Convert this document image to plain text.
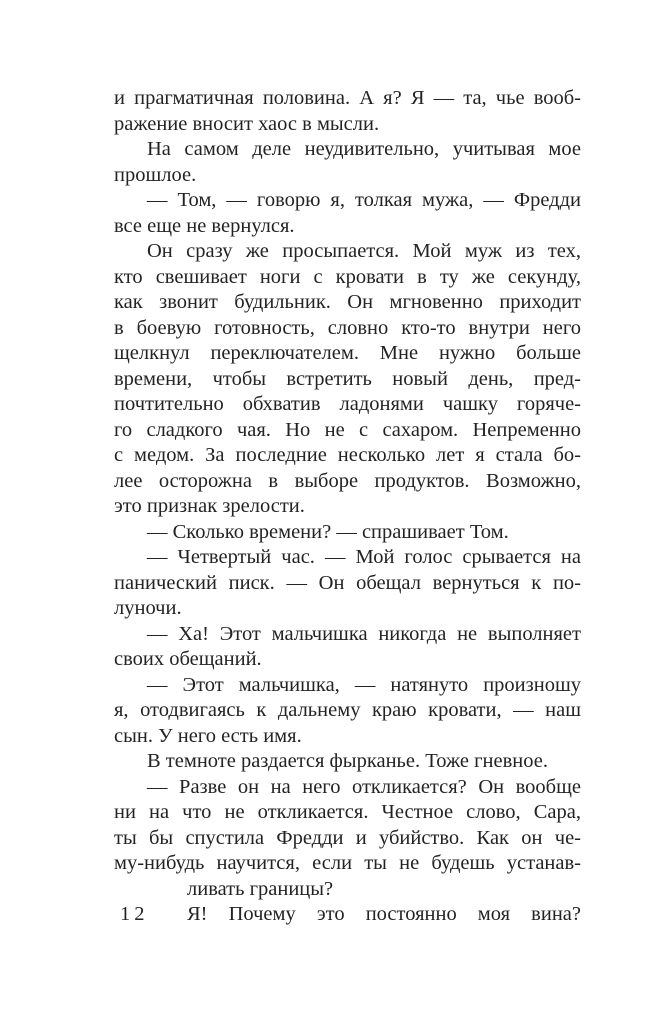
и прагматичная половина. А я? Я — та, чье вооб-
ражение вносит хаос в мысли.
На самом деле неудивительно, учитывая мое
прошлое.
— Том, — говорю я, толкая мужа, — Фредди
все еще не вернулся.
Он сразу же просыпается. Мой муж из тех,
кто свешивает ноги с кровати в ту же секунду,
как звонит будильник. Он мгновенно приходит
в боевую готовность, словно кто-то внутри него
щелкнул переключателем. Мне нужно больше
времени, чтобы встретить новый день, пред-
почтительно обхватив ладонями чашку горяче-
го сладкого чая. Но не с сахаром. Непременно
с медом. За последние несколько лет я стала бо-
лее осторожна в выборе продуктов. Возможно,
это признак зрелости.
— Сколько времени? — спрашивает Том.
— Четвертый час. — Мой голос срывается на
панический писк. — Он обещал вернуться к по-
луночи.
— Ха! Этот мальчишка никогда не выполняет
своих обещаний.
— Этот мальчишка, — натянуто произношу
я, отодвигаясь к дальнему краю кровати, — наш
сын. У него есть имя.
В темноте раздается фырканье. Тоже гневное.
— Разве он на него откликается? Он вообще
ни на что не откликается. Честное слово, Сара,
ты бы спустила Фредди и убийство. Как он че-
му-нибудь научится, если ты не будешь устанав-
ливать границы?
12 Я! Почему это постоянно моя вина?
